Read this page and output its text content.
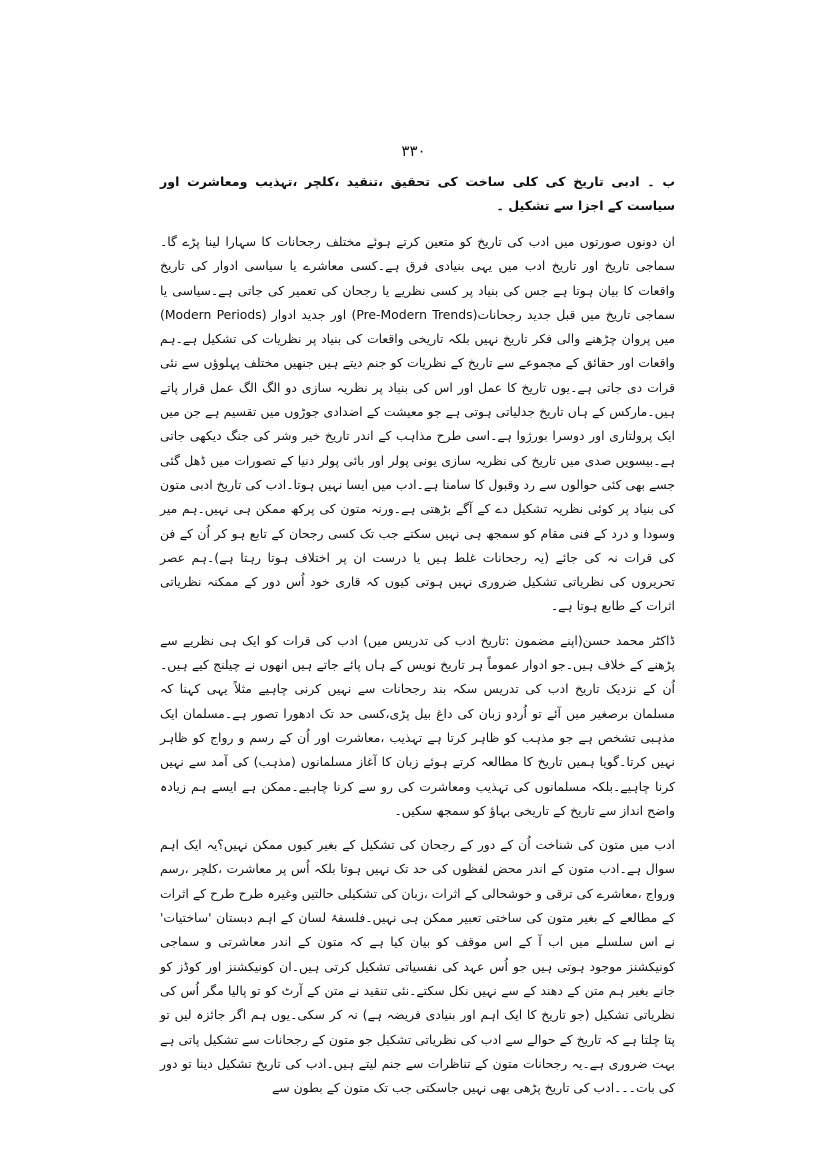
۳۳۰

ب ۔ ادبی تاریخ کی کلی ساخت کی تحقیق ،تنقید ،کلچر ،تہذیب ومعاشرت اور سیاست کے اجزا سے تشکیل ۔

ان دونوں صورتوں میں ادب کی تاریخ کو متعین کرتے ہوئے مختلف رجحانات کا سہارا لینا پڑے گا۔سماجی تاریخ اور تاریخ ادب میں یہی بنیادی فرق ہے۔کسی معاشرے یا سیاسی ادوار کی تاریخ واقعات کا بیان ہوتا ہے جس کی بنیاد پر کسی نظریے یا رجحان کی تعمیر کی جاتی ہے۔سیاسی یا سماجی تاریخ میں قبل جدید رجحانات(Pre-Modern Trends) اور جدید ادوار (Modern Periods) میں پروان چڑھنے والی فکر تاریخ نہیں بلکہ تاریخی واقعات کی بنیاد پر نظریات کی تشکیل ہے۔ہم واقعات اور حقائق کے مجموعے سے تاریخ کے نظریات کو جنم دیتے ہیں جنھیں مختلف پہلوؤں سے نئی قرات دی جاتی ہے۔یوں تاریخ کا عمل اور اس کی بنیاد پر نظریہ سازی دو الگ الگ عمل قرار پاتے ہیں۔مارکس کے ہاں تاریخ جدلیاتی ہوتی ہے جو معیشت کے اضدادی جوڑوں میں تقسیم ہے جن میں ایک پرولتاری اور دوسرا بورژوا ہے۔اسی طرح مذاہب کے اندر تاریخ خیر وشر کی جنگ دیکھی جاتی ہے۔بیسویں صدی میں تاریخ کی نظریہ سازی یونی پولر اور بائی پولر دنیا کے تصورات میں ڈھل گئی جسے بھی کئی حوالوں سے رد وقبول کا سامنا ہے۔ادب میں ایسا نہیں ہوتا۔ادب کی تاریخ ادبی متون کی بنیاد پر کوئی نظریہ تشکیل دے کے آگے بڑھتی ہے۔ورنہ متون کی پرکھ ممکن ہی نہیں۔ہم میر وسودا و درد کے فنی مقام کو سمجھ ہی نہیں سکتے جب تک کسی رجحان کے تابع ہو کر اُن کے فن کی قرات نہ کی جائے (یہ رجحانات غلط ہیں یا درست ان پر اختلاف ہوتا رہتا ہے)۔ہم عصر تحریروں کی نظریاتی تشکیل ضروری نہیں ہوتی کیوں کہ قاری خود اُس دور کے ممکنہ نظریاتی اثرات کے طابع ہوتا ہے۔

ڈاکٹر محمد حسن(اپنے مضمون :تاریخ ادب کی تدریس میں) ادب کی قرات کو ایک ہی نظریے سے پڑھنے کے خلاف ہیں۔جو ادوار عموماً ہر تاریخ نویس کے ہاں پائے جاتے ہیں انھوں نے چیلنج کیے ہیں۔اُن کے نزدیک تاریخ ادب کی تدریس سکہ بند رجحانات سے نہیں کرنی چاہیے مثلاً یہی کہنا کہ مسلمان برصغیر میں آئے تو اُردو زبان کی داغ بیل پڑی،کسی حد تک ادھورا تصور ہے۔مسلمان ایک مذہبی تشخص ہے جو مذہب کو ظاہر کرتا ہے تہذیب ،معاشرت اور اُن کے رسم و رواج کو ظاہر نہیں کرتا۔گویا ہمیں تاریخ کا مطالعہ کرتے ہوئے زبان کا آغاز مسلمانوں (مذہب) کی آمد سے نہیں کرنا چاہیے۔بلکہ مسلمانوں کی تہذیب ومعاشرت کی رو سے کرنا چاہیے۔ممکن ہے ایسے ہم زیادہ واضح انداز سے تاریخ کے تاریخی بہاؤ کو سمجھ سکیں۔

ادب میں متون کی شناخت اُن کے دور کے رجحان کی تشکیل کے بغیر کیوں ممکن نہیں؟یہ ایک اہم سوال ہے۔ادب متون کے اندر محض لفظوں کی حد تک نہیں ہوتا بلکہ اُس پر معاشرت ،کلچر ،رسم ورواج ،معاشرے کی ترقی و خوشحالی کے اثرات ،زبان کی تشکیلی حالتیں وغیرہ طرح طرح کے اثرات کے مطالعے کے بغیر متون کی ساختی تعبیر ممکن ہی نہیں۔فلسفۂ لسان کے اہم دبستان 'ساختیات' نے اس سلسلے میں اب آ کے اس موقف کو بیان کیا ہے کہ متون کے اندر معاشرتی و سماجی کونیکشنز موجود ہوتی ہیں جو اُس عہد کی نفسیاتی تشکیل کرتی ہیں۔ان کونیکشنز اور کوڈز کو جانے بغیر ہم متن کے دھند کے سے نہیں نکل سکتے۔نئی تنقید نے متن کے آرٹ کو تو پالیا مگر اُس کی نظریاتی تشکیل (جو تاریخ کا ایک اہم اور بنیادی فریضہ ہے) نہ کر سکی۔یوں ہم اگر جائزہ لیں تو پتا چلتا ہے کہ تاریخ کے حوالے سے ادب کی نظریاتی تشکیل جو متون کے رجحانات سے تشکیل پاتی ہے بہت ضروری ہے۔یہ رجحانات متون کے تناظرات سے جنم لیتے ہیں۔ادب کی تاریخ تشکیل دینا تو دور کی بات۔۔۔ادب کی تاریخ پڑھی بھی نہیں جاسکتی جب تک متون کے بطون سے
